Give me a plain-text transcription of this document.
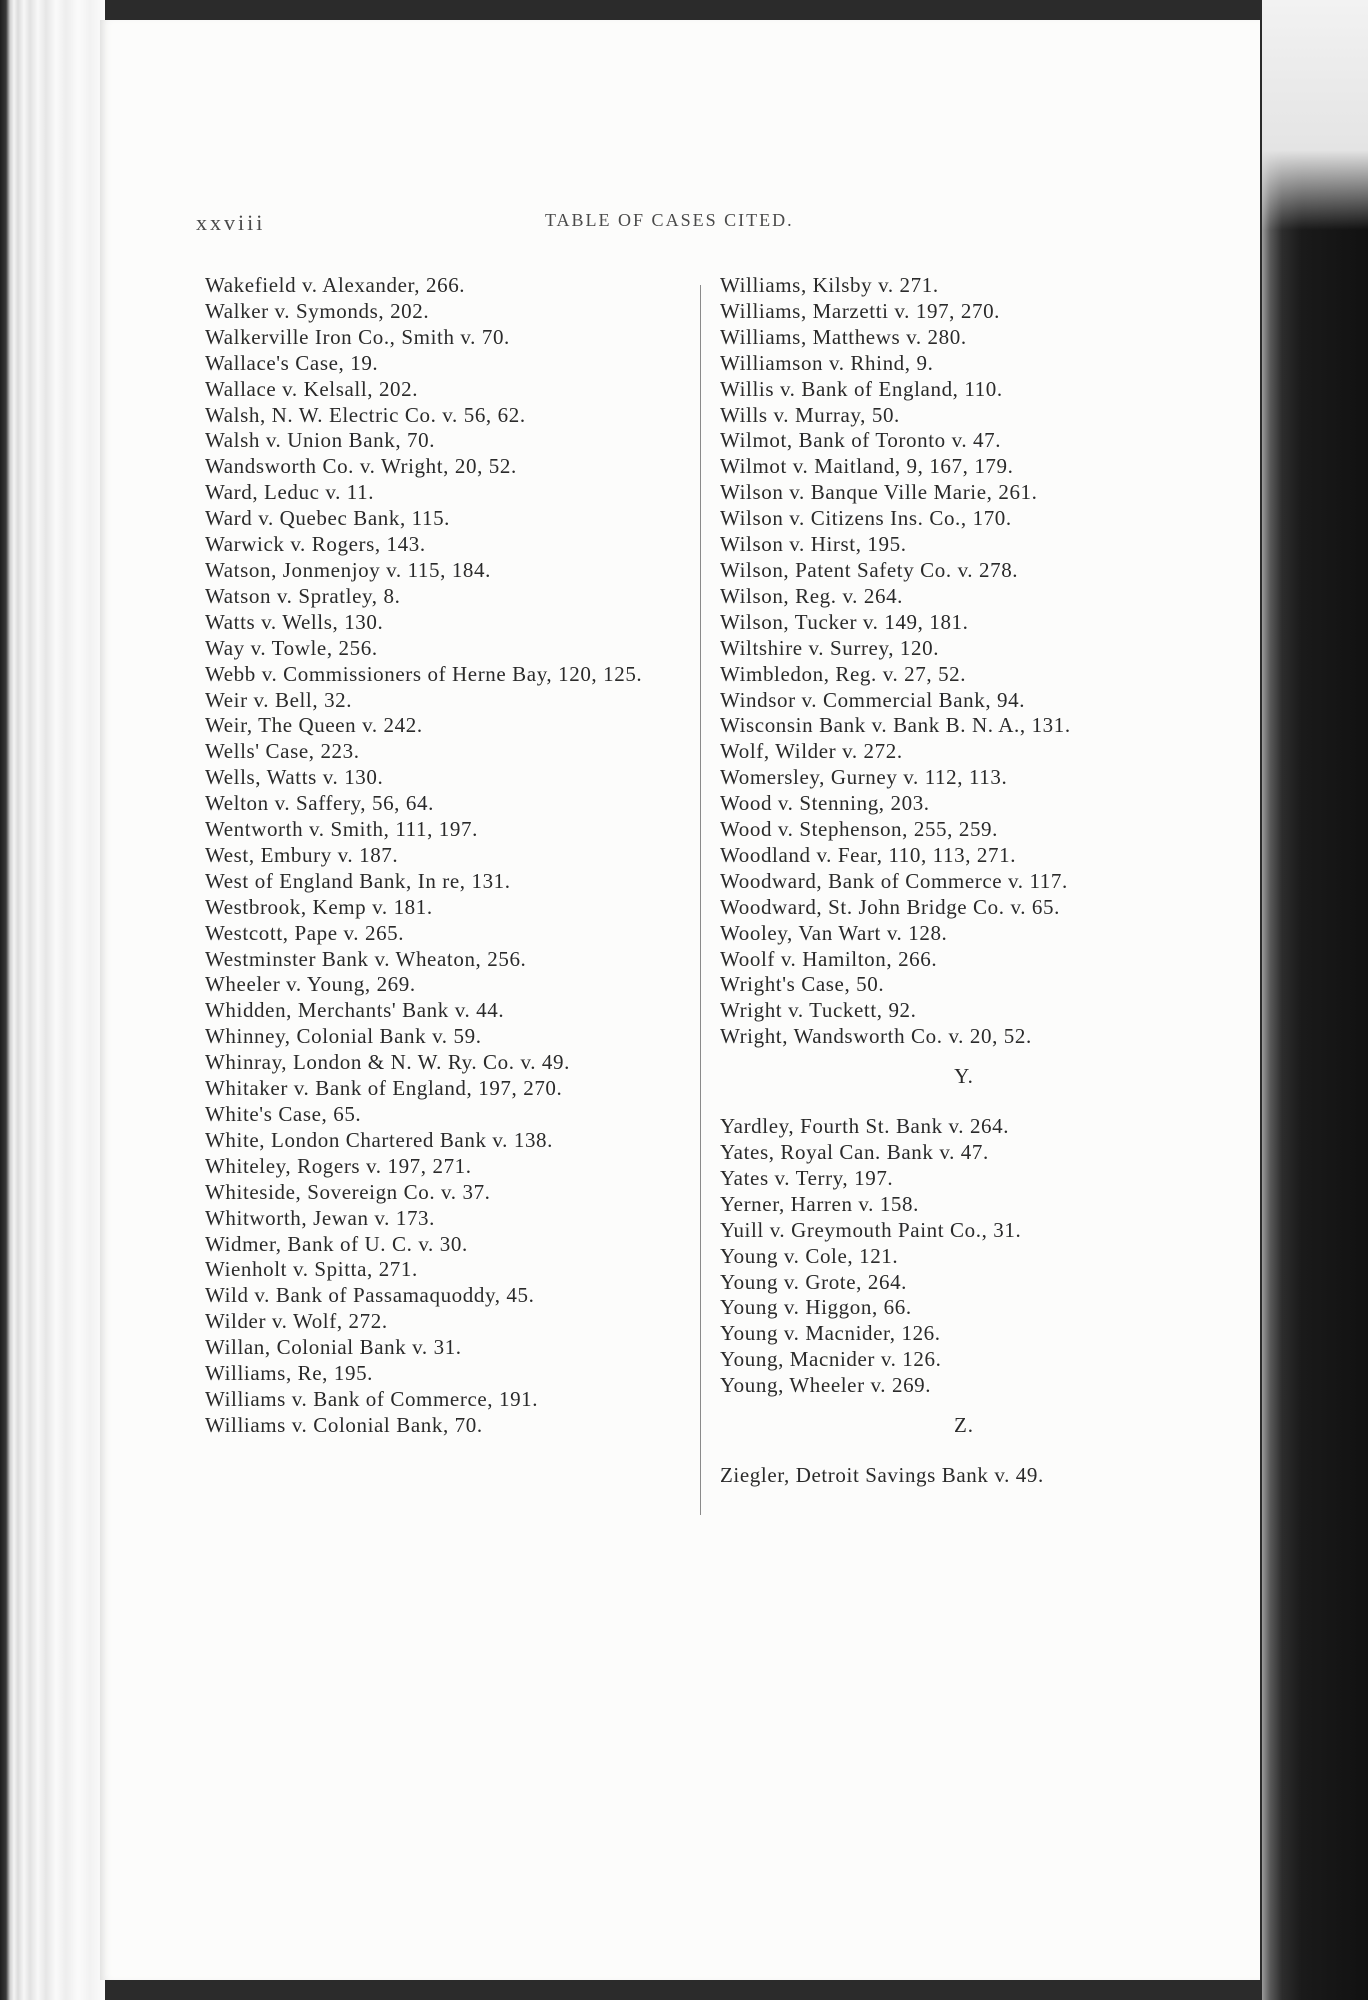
xxviii	TABLE OF CASES CITED.
Wakefield v. Alexander, 266.
Walker v. Symonds, 202.
Walkerville Iron Co., Smith v. 70.
Wallace's Case, 19.
Wallace v. Kelsall, 202.
Walsh, N. W. Electric Co. v. 56, 62.
Walsh v. Union Bank, 70.
Wandsworth Co. v. Wright, 20, 52.
Ward, Leduc v. 11.
Ward v. Quebec Bank, 115.
Warwick v. Rogers, 143.
Watson, Jonmenjoy v. 115, 184.
Watson v. Spratley, 8.
Watts v. Wells, 130.
Way v. Towle, 256.
Webb v. Commissioners of Herne Bay, 120, 125.
Weir v. Bell, 32.
Weir, The Queen v. 242.
Wells' Case, 223.
Wells, Watts v. 130.
Welton v. Saffery, 56, 64.
Wentworth v. Smith, 111, 197.
West, Embury v. 187.
West of England Bank, In re, 131.
Westbrook, Kemp v. 181.
Westcott, Pape v. 265.
Westminster Bank v. Wheaton, 256.
Wheeler v. Young, 269.
Whidden, Merchants' Bank v. 44.
Whinney, Colonial Bank v. 59.
Whinray, London & N. W. Ry. Co. v. 49.
Whitaker v. Bank of England, 197, 270.
White's Case, 65.
White, London Chartered Bank v. 138.
Whiteley, Rogers v. 197, 271.
Whiteside, Sovereign Co. v. 37.
Whitworth, Jewan v. 173.
Widmer, Bank of U. C. v. 30.
Wienholt v. Spitta, 271.
Wild v. Bank of Passamaquoddy, 45.
Wilder v. Wolf, 272.
Willan, Colonial Bank v. 31.
Williams, Re, 195.
Williams v. Bank of Commerce, 191.
Williams v. Colonial Bank, 70.
Williams, Kilsby v. 271.
Williams, Marzetti v. 197, 270.
Williams, Matthews v. 280.
Williamson v. Rhind, 9.
Willis v. Bank of England, 110.
Wills v. Murray, 50.
Wilmot, Bank of Toronto v. 47.
Wilmot v. Maitland, 9, 167, 179.
Wilson v. Banque Ville Marie, 261.
Wilson v. Citizens Ins. Co., 170.
Wilson v. Hirst, 195.
Wilson, Patent Safety Co. v. 278.
Wilson, Reg. v. 264.
Wilson, Tucker v. 149, 181.
Wiltshire v. Surrey, 120.
Wimbledon, Reg. v. 27, 52.
Windsor v. Commercial Bank, 94.
Wisconsin Bank v. Bank B. N. A., 131.
Wolf, Wilder v. 272.
Womersley, Gurney v. 112, 113.
Wood v. Stenning, 203.
Wood v. Stephenson, 255, 259.
Woodland v. Fear, 110, 113, 271.
Woodward, Bank of Commerce v. 117.
Woodward, St. John Bridge Co. v. 65.
Wooley, Van Wart v. 128.
Woolf v. Hamilton, 266.
Wright's Case, 50.
Wright v. Tuckett, 92.
Wright, Wandsworth Co. v. 20, 52.
Y.
Yardley, Fourth St. Bank v. 264.
Yates, Royal Can. Bank v. 47.
Yates v. Terry, 197.
Yerner, Harren v. 158.
Yuill v. Greymouth Paint Co., 31.
Young v. Cole, 121.
Young v. Grote, 264.
Young v. Higgon, 66.
Young v. Macnider, 126.
Young, Macnider v. 126.
Young, Wheeler v. 269.
Z.
Ziegler, Detroit Savings Bank v. 49.
